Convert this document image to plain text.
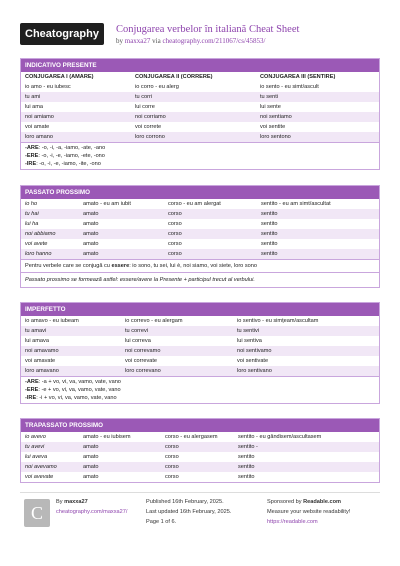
Cheatography	Conjugarea verbelor în italiană Cheat Sheet
by maxxa27 via cheatography.com/211067/cs/45853/
INDICATIVO PRESENTE
CONJUGAREA I (AMARE)	CONJUGAREA II (CORRERE)	CONJUGAREA III (SENTIRE)
io amo - eu iubesc	io corro - eu alerg	io sento - eu simt/ascult
tu ami	tu corri	tu senti
lui ama	lui corre	lui sente
noi amiamo	noi corriamo	noi sentiamo
voi amate	voi correte	voi sentite
loro amano	loro corrono	loro sentono
-ARE: -o, -i, -a, -iamo, -ate, -ano
-ERE: -o, -i, -e, -iamo, -ete, -ono
-IRE: -o, -i, -e, -iamo, -ite, -ono
PASSATO PROSSIMO
io ho	amato - eu am iubit	corso - eu am alergat	sentito - eu am simt/ascultat
tu hai	amato	corso	sentito
lui ha	amato	corso	sentito
noi abbiamo	amato	corso	sentito
voi avete	amato	corso	sentito
loro hanno	amato	corso	sentito
Pentru verbele care se conjugă cu essere: io sono, tu sei, lui è, noi siamo, voi siete, loro sono
Passato prossimo se formează astfel: essere/avere la Presente + participul trecut al verbului.
IMPERFETTO
io amavo - eu iubeam	io correvo - eu alergam	io sentivo - eu simțeam/ascultam
tu amavi	tu correvi	tu sentivi
lui amava	lui correva	lui sentiva
noi amavamo	noi correvamo	noi sentivamo
voi amavate	voi correvate	voi sentivate
loro amavano	loro correvano	loro sentivano
-ARE: -a + vo, vi, va, vamo, vate, vano
-ERE: -e + vo, vi, va, vamo, vate, vano
-IRE: -i + vo, vi, va, vamo, vate, vano
TRAPASSATO PROSSIMO
io avevo	amato - eu iubisem	corso - eu alergasem	sentito - eu gândisem/ascultasem
tu avevi	amato	corso	sentito -
lui aveva	amato	corso	sentito
noi avevamo	amato	corso	sentito
voi avevate	amato	corso	sentito
C
By maxxa27
cheatography.com/maxxa27/
Published 16th February, 2025.
Last updated 16th February, 2025.
Page 1 of 6.
Sponsored by Readable.com
Measure your website readability!
https://readable.com
